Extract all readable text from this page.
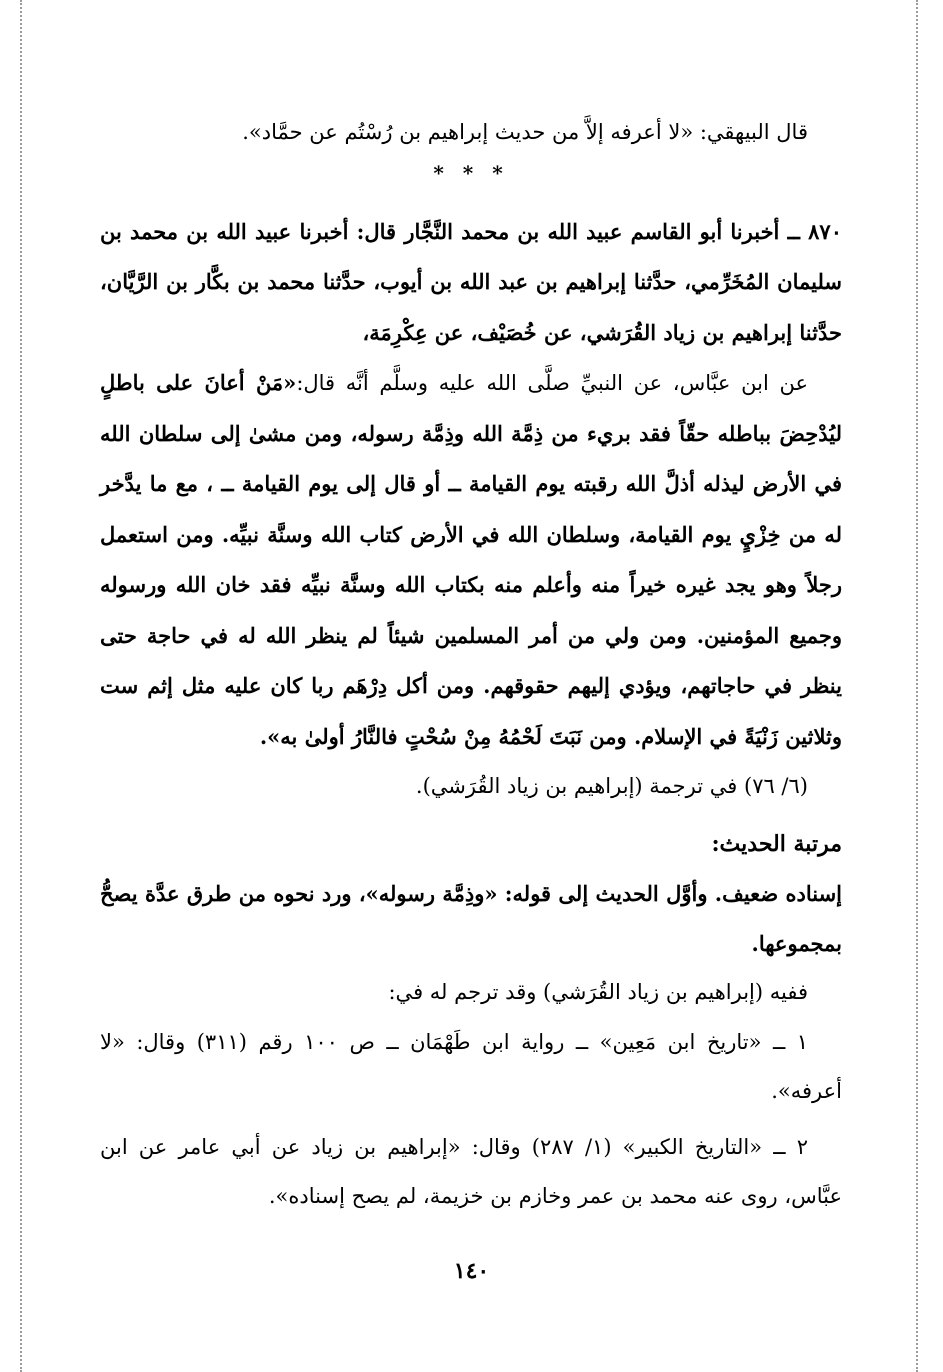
قال البيهقي: «لا أعرفه إلاَّ من حديث إبراهيم بن رُسْتُم عن حمَّاد».

* * *

٨٧٠ ــ أخبرنا أبو القاسم عبيد الله بن محمد النَّجَّار قال: أخبرنا عبيد الله بن محمد بن سليمان المُخَرِّمي، حدَّثنا إبراهيم بن عبد الله بن أيوب، حدَّثنا محمد بن بكَّار بن الرَّيَّان، حدَّثنا إبراهيم بن زياد القُرَشي، عن خُصَيْف، عن عِكْرِمَة،

عن ابن عبَّاس، عن النبيِّ صلَّى الله عليه وسلَّم أنَّه قال:«مَنْ أعانَ على باطلٍ ليُدْحِضَ بباطله حقّاً فقد بريء من ذِمَّة الله وذِمَّة رسوله، ومن مشىٰ إلى سلطان الله في الأرض ليذله أذلَّ الله رقبته يوم القيامة ــ أو قال إلى يوم القيامة ــ ، مع ما يدَّخر له من خِزْيٍ يوم القيامة، وسلطان الله في الأرض كتاب الله وسنَّة نبيِّه. ومن استعمل رجلاً وهو يجد غيره خيراً منه وأعلم منه بكتاب الله وسنَّة نبيِّه فقد خان الله ورسوله وجميع المؤمنين. ومن ولي من أمر المسلمين شيئاً لم ينظر الله له في حاجة حتى ينظر في حاجاتهم، ويؤدي إليهم حقوقهم. ومن أكل دِرْهَم ربا كان عليه مثل إثم ست وثلاثين زَنْيَةً في الإسلام. ومن نَبَتَ لَحْمُهُ مِنْ سُحْتٍ فالنَّارُ أولىٰ به».

(٦/ ٧٦) في ترجمة (إبراهيم بن زياد القُرَشي).

مرتبة الحديث:

إسناده ضعيف. وأوَّل الحديث إلى قوله: «وذِمَّة رسوله»، ورد نحوه من طرق عدَّة يصحُّ بمجموعها.

ففيه (إبراهيم بن زياد القُرَشي) وقد ترجم له في:

١ ــ «تاريخ ابن مَعِين» ــ رواية ابن طَهْمَان ــ ص ١٠٠ رقم (٣١١) وقال: «لا أعرفه».

٢ ــ «التاريخ الكبير» (١/ ٢٨٧) وقال: «إبراهيم بن زياد عن أبي عامر عن ابن عبَّاس، روى عنه محمد بن عمر وخازم بن خزيمة، لم يصح إسناده».

١٤٠
